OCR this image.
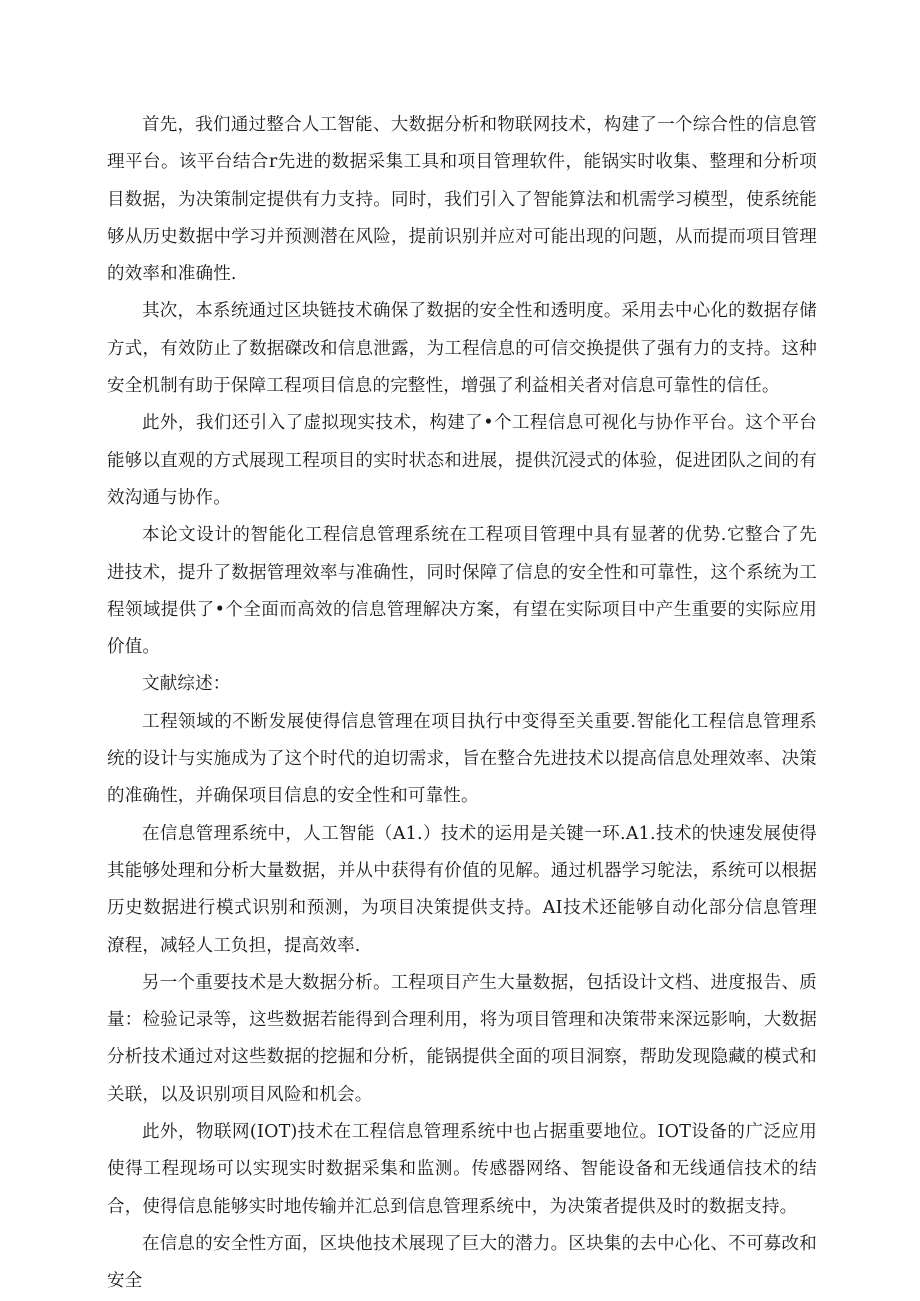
首先，我们通过整合人工智能、大数据分析和物联网技术，构建了一个综合性的信息管理平台。该平台结合r先进的数据采集工具和项目管理软件，能锅实时收集、整理和分析项目数据，为决策制定提供有力支持。同时，我们引入了智能算法和机需学习模型，使系统能够从历史数据中学习并预测潜在风险，提前识别并应对可能出现的问题，从而提而项目管理的效率和准确性.

其次，本系统通过区块链技术确保了数据的安全性和透明度。采用去中心化的数据存储方式，有效防止了数据磔改和信息泄露，为工程信息的可信交换提供了强有力的支持。这种安全机制有助于保障工程项目信息的完整性，增强了利益相关者对信息可靠性的信任。

此外，我们还引入了虚拟现实技术，构建了•个工程信息可视化与协作平台。这个平台能够以直观的方式展现工程项目的实时状态和进展，提供沉浸式的体验，促进团队之间的有效沟通与协作。

本论文设计的智能化工程信息管理系统在工程项目管理中具有显著的优势.它整合了先进技术，提升了数据管理效率与准确性，同时保障了信息的安全性和可靠性，这个系统为工程领域提供了•个全面而高效的信息管理解决方案，有望在实际项目中产生重要的实际应用价值。

文献综述：

工程领域的不断发展使得信息管理在项目执行中变得至关重要.智能化工程信息管理系统的设计与实施成为了这个时代的迫切需求，旨在整合先进技术以提高信息处理效率、决策的准确性，并确保项目信息的安全性和可靠性。

在信息管理系统中，人工智能（A1.）技术的运用是关键一环.A1.技术的快速发展使得其能够处理和分析大量数据，并从中获得有价值的见解。通过机器学习鸵法，系统可以根据历史数据进行模式识别和预测，为项目决策提供支持。AI技术还能够自动化部分信息管理潦程，减轻人工负担，提高效率.

另一个重要技术是大数据分析。工程项目产生大量数据，包括设计文档、进度报告、质量：检验记录等，这些数据若能得到合理利用，将为项目管理和决策带来深远影响，大数据分析技术通过对这些数据的挖掘和分析，能锅提供全面的项目洞察，帮助发现隐藏的模式和关联，以及识别项目风险和机会。

此外，物联网(IOT)技术在工程信息管理系统中也占据重要地位。IOT设备的广泛应用使得工程现场可以实现实时数据采集和监测。传感器网络、智能设备和无线通信技术的结合，使得信息能够实时地传输并汇总到信息管理系统中，为决策者提供及时的数据支持。

在信息的安全性方面，区块他技术展现了巨大的潜力。区块集的去中心化、不可募改和安全
